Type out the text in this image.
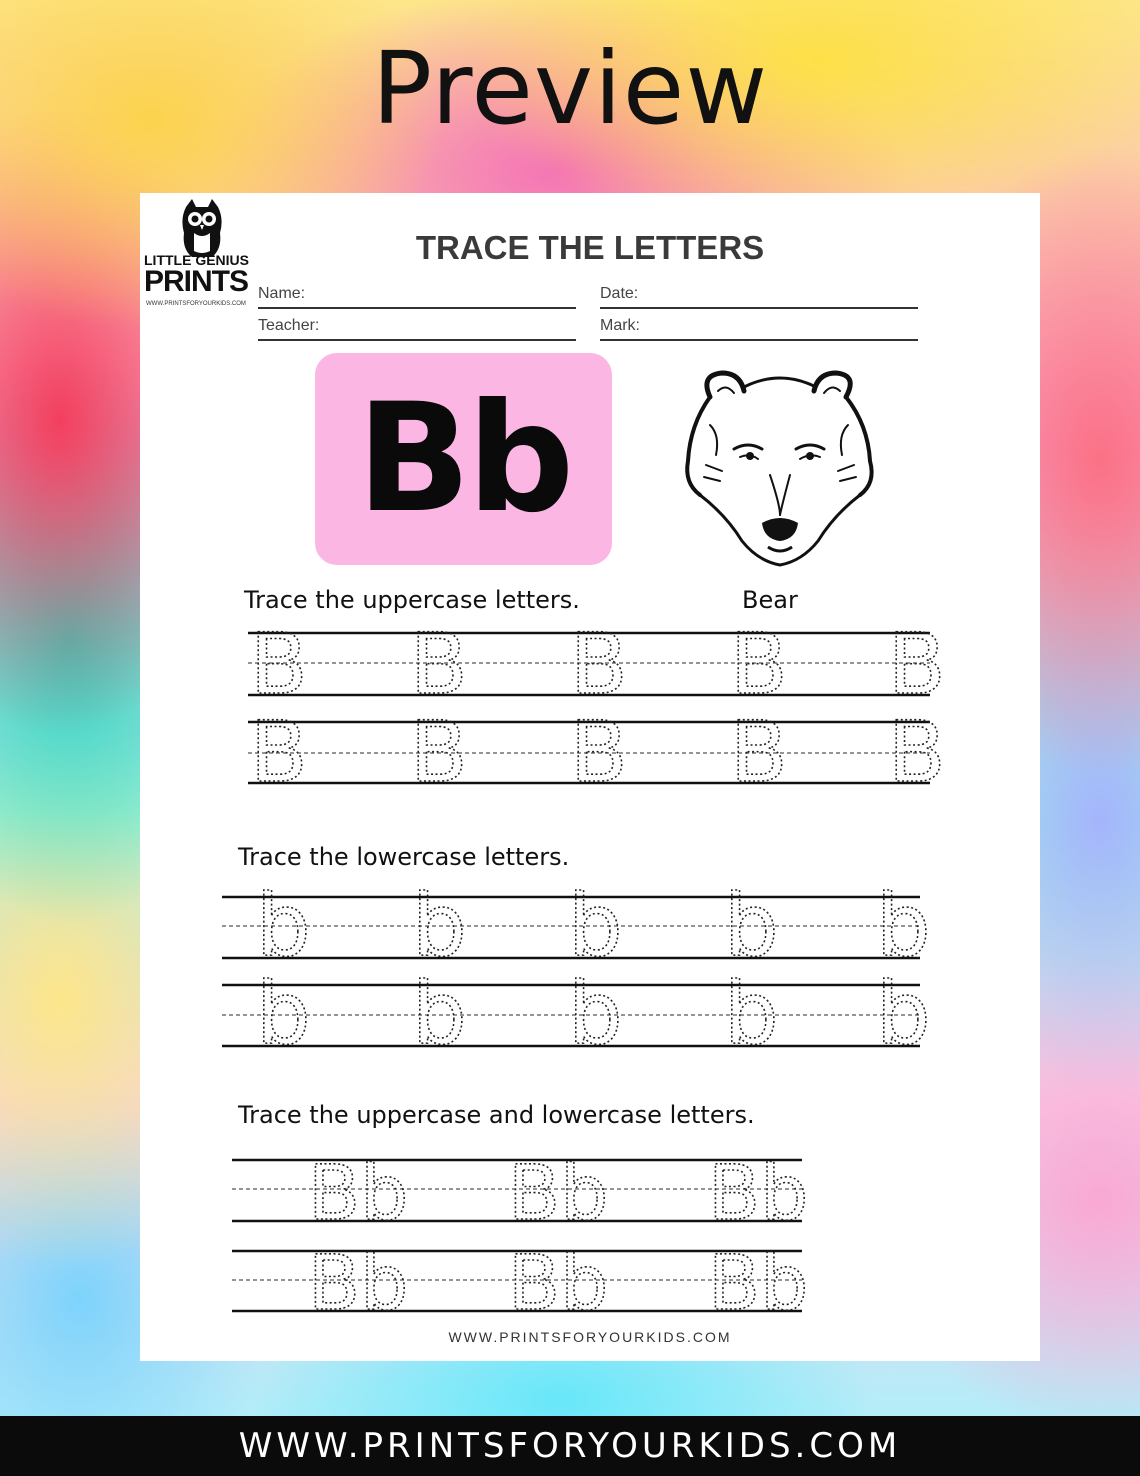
Preview
LITTLE GENIUS
PRINTS
WWW.PRINTSFORYOURKIDS.COM
TRACE THE LETTERS
Name:	Date:
Teacher:	Mark:
Bb
Trace the uppercase letters.	Bear
Trace the lowercase letters.
Trace the uppercase and lowercase letters.
B B B B B
B B B B B
b b b b b
b b b b b
Bb Bb Bb
Bb Bb Bb
WWW.PRINTSFORYOURKIDS.COM
WWW.PRINTSFORYOURKIDS.COM
